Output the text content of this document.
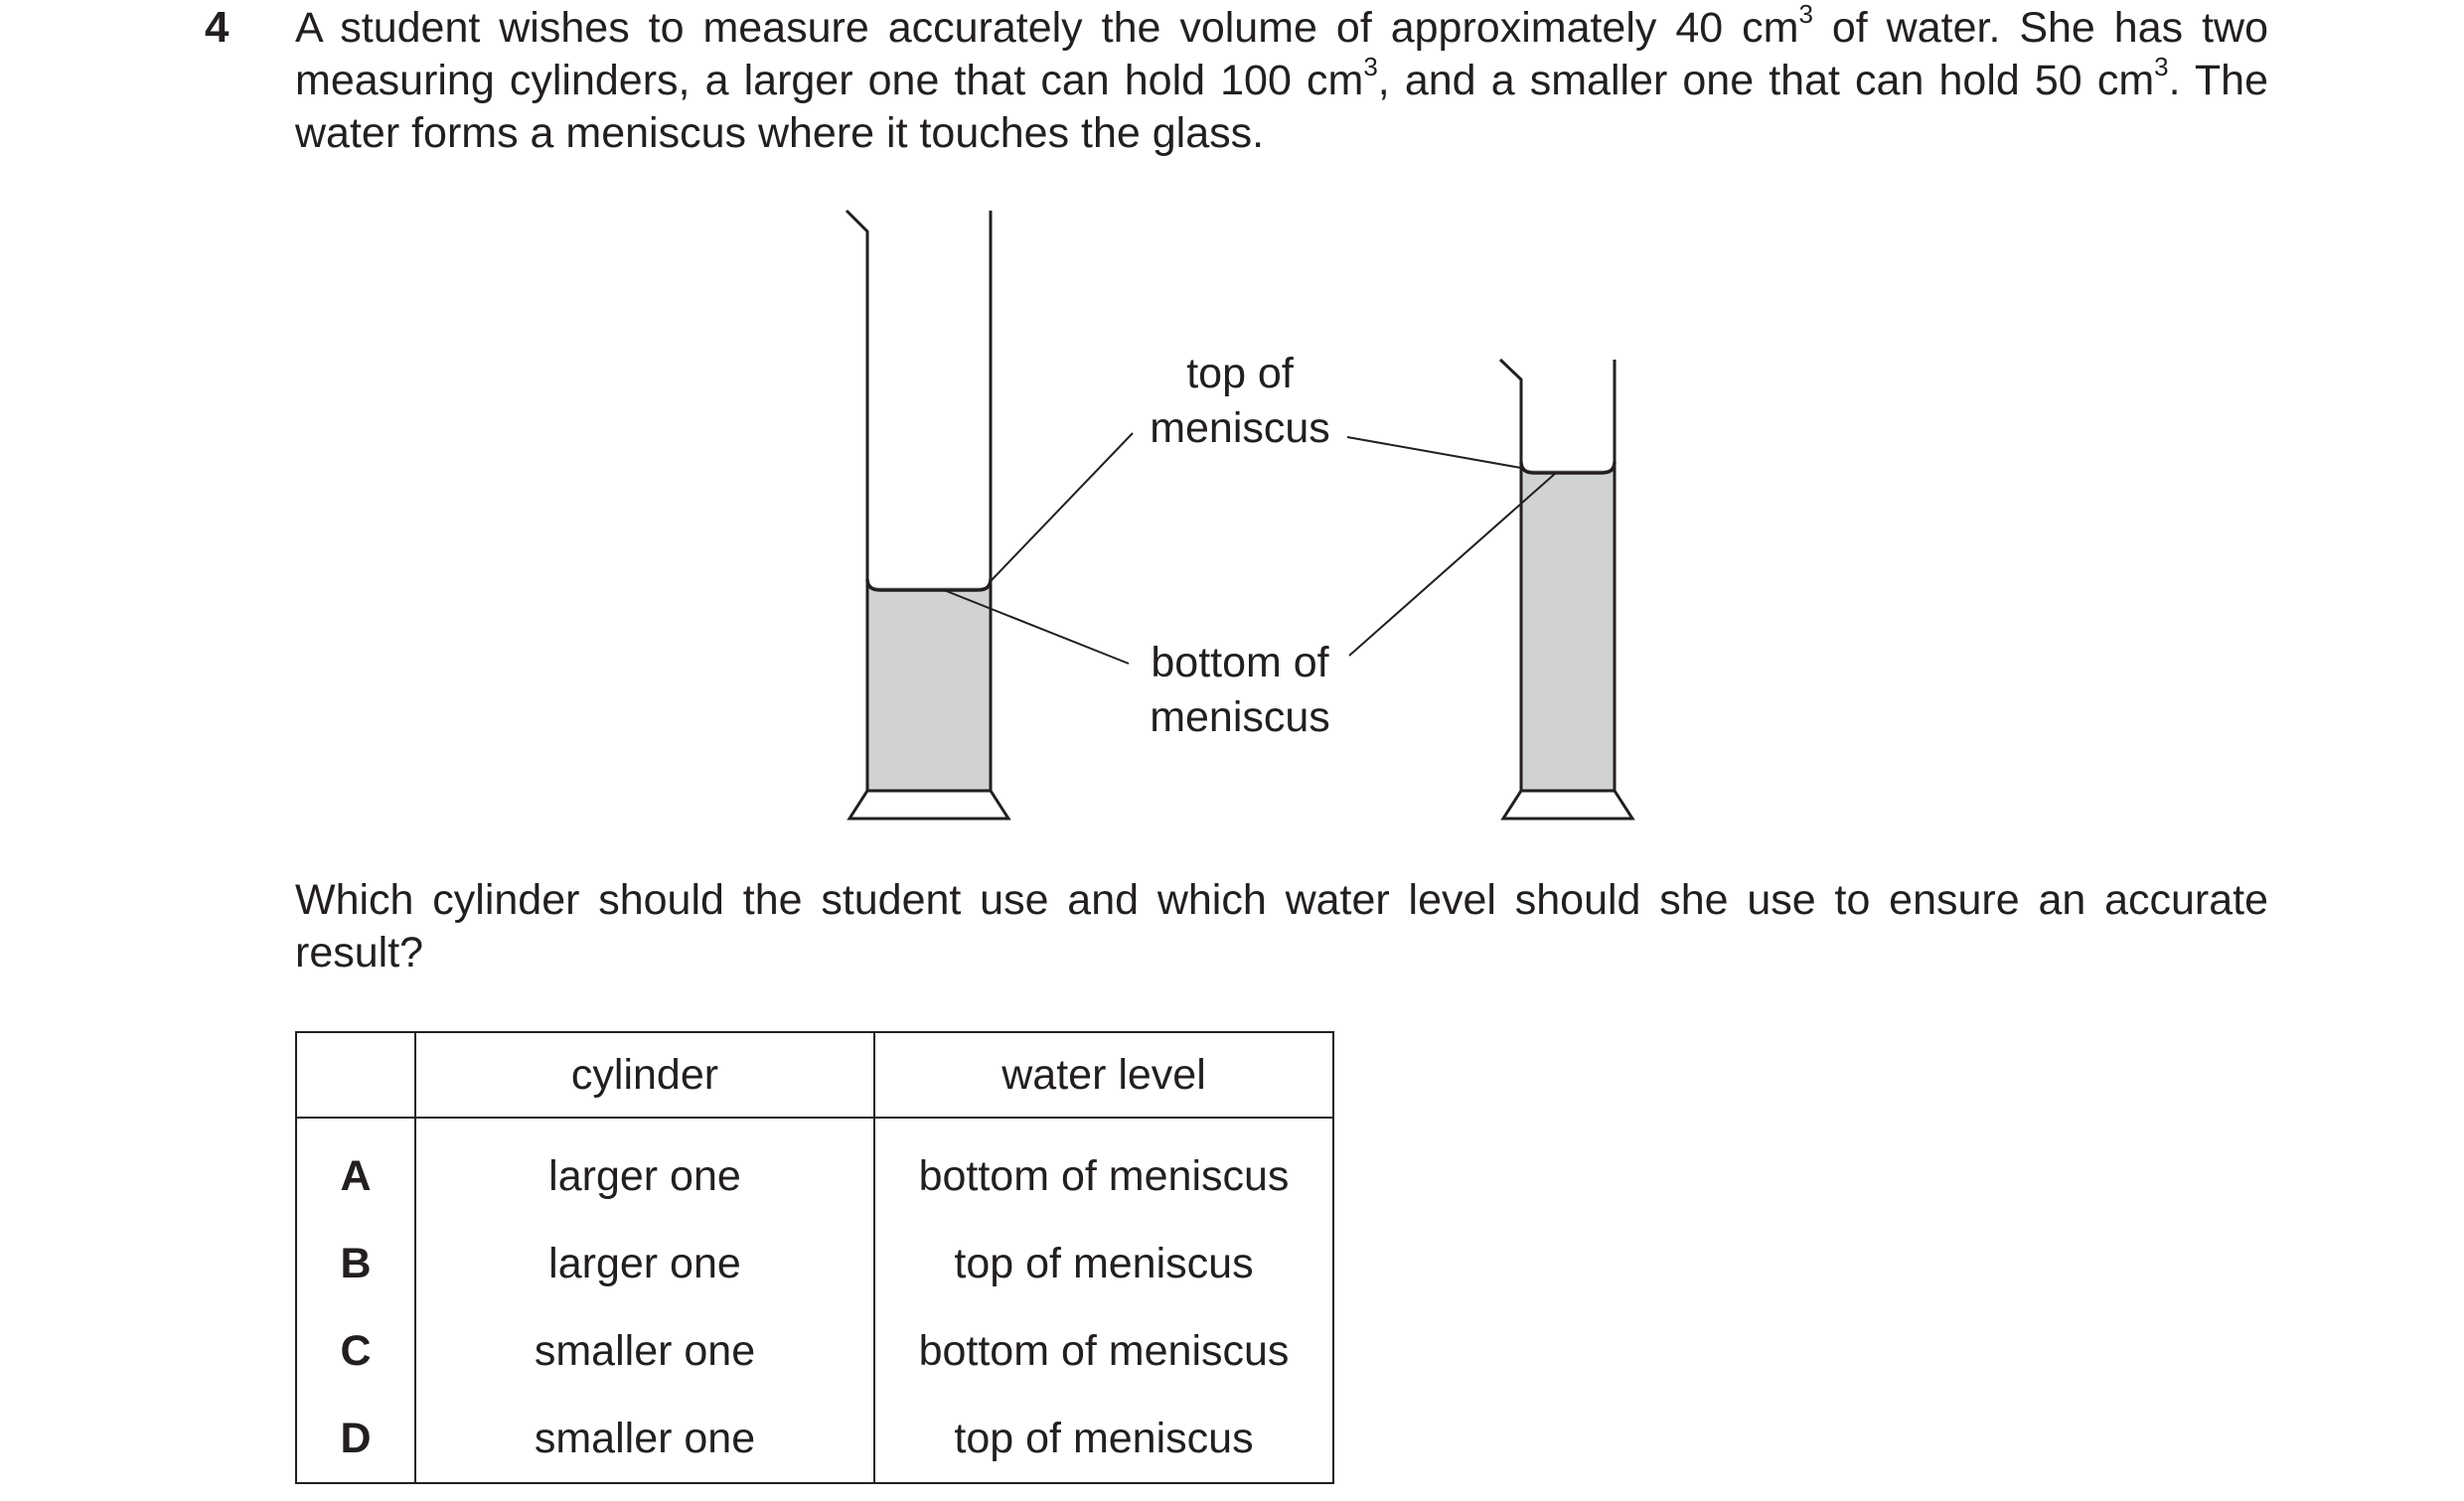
4 A student wishes to measure accurately the volume of approximately 40 $cm^3$ of water. She has two measuring cylinders, a larger one that can hold 100 $cm^3$, and a smaller one that can hold 50 $cm^3$. The water forms a meniscus where it touches the glass.
top of
meniscus
bottom of
meniscus
Which cylinder should the student use and which water level should she use to ensure an accurate result?
	cylinder	water level
A	larger one	bottom of meniscus
B	larger one	top of meniscus
C	smaller one	bottom of meniscus
D	smaller one	top of meniscus
